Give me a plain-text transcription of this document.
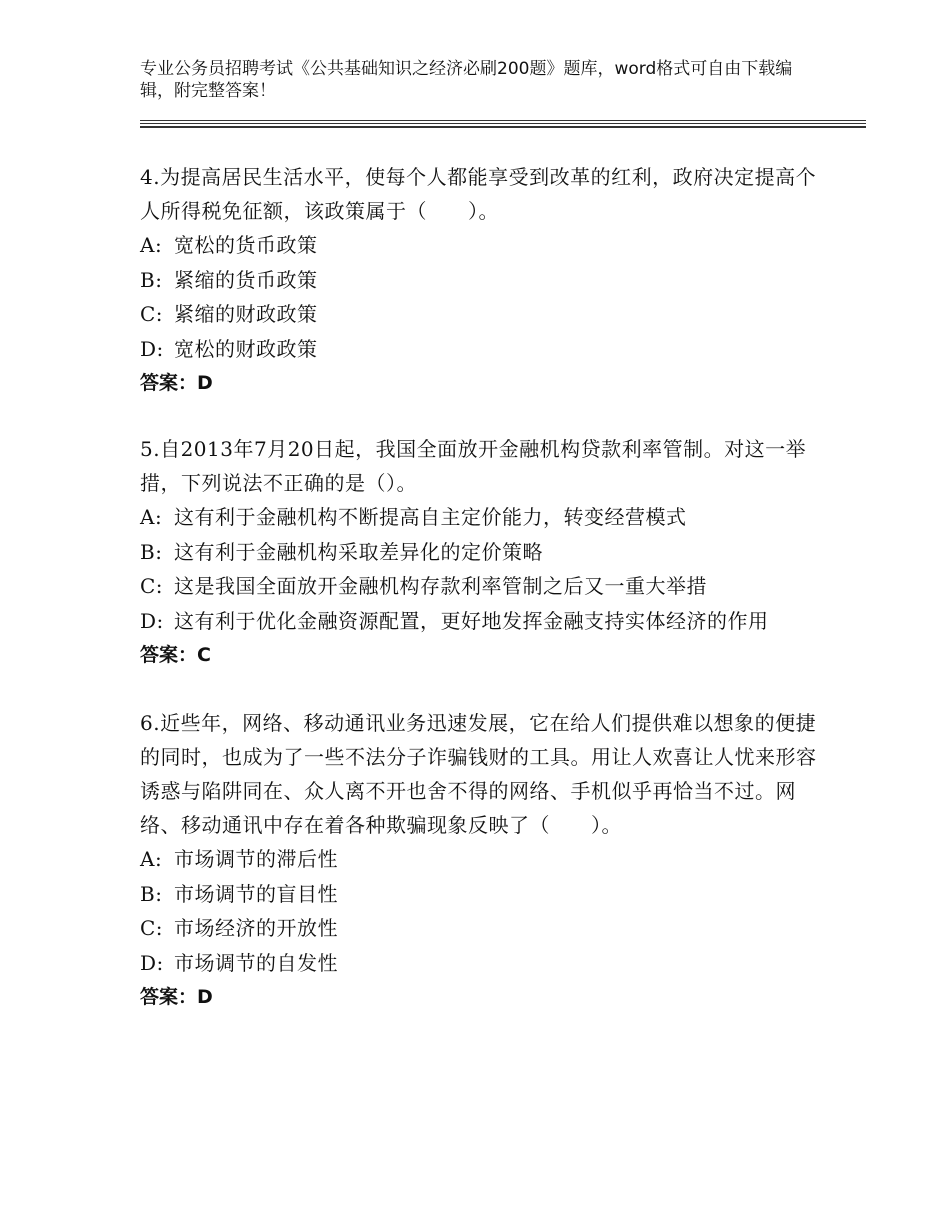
专业公务员招聘考试《公共基础知识之经济必刷200题》题库，word格式可自由下载编辑，附完整答案！

4.为提高居民生活水平，使每个人都能享受到改革的红利，政府决定提高个人所得税免征额，该政策属于（　　）。

A: 宽松的货币政策
B: 紧缩的货币政策
C: 紧缩的财政政策
D: 宽松的财政政策
答案：D

5.自2013年7月20日起，我国全面放开金融机构贷款利率管制。对这一举措，下列说法不正确的是（）。

A: 这有利于金融机构不断提高自主定价能力，转变经营模式
B: 这有利于金融机构采取差异化的定价策略
C: 这是我国全面放开金融机构存款利率管制之后又一重大举措
D: 这有利于优化金融资源配置，更好地发挥金融支持实体经济的作用
答案：C

6.近些年，网络、移动通讯业务迅速发展，它在给人们提供难以想象的便捷的同时，也成为了一些不法分子诈骗钱财的工具。用让人欢喜让人忧来形容诱惑与陷阱同在、众人离不开也舍不得的网络、手机似乎再恰当不过。网络、移动通讯中存在着各种欺骗现象反映了（　　）。

A: 市场调节的滞后性
B: 市场调节的盲目性
C: 市场经济的开放性
D: 市场调节的自发性
答案：D
